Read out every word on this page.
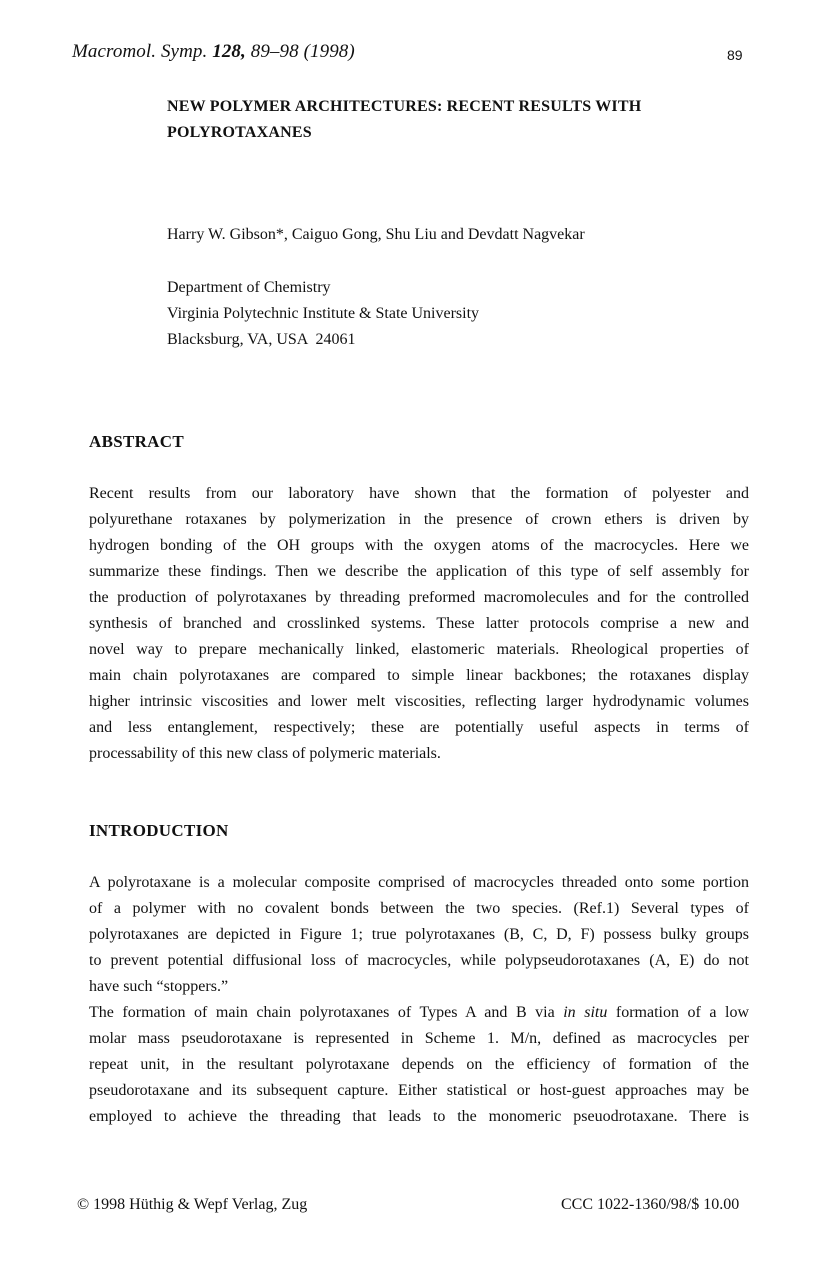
Macromol. Symp. 128, 89–98 (1998)	89
NEW POLYMER ARCHITECTURES: RECENT RESULTS WITH
POLYROTAXANES
Harry W. Gibson*, Caiguo Gong, Shu Liu and Devdatt Nagvekar
Department of Chemistry
Virginia Polytechnic Institute & State University
Blacksburg, VA, USA  24061
ABSTRACT
Recent results from our laboratory have shown that the formation of polyester and
polyurethane rotaxanes by polymerization in the presence of crown ethers is driven by
hydrogen bonding of the OH groups with the oxygen atoms of the macrocycles. Here we
summarize these findings. Then we describe the application of this type of self assembly for
the production of polyrotaxanes by threading preformed macromolecules and for the controlled
synthesis of branched and crosslinked systems. These latter protocols comprise a new and
novel way to prepare mechanically linked, elastomeric materials. Rheological properties of
main chain polyrotaxanes are compared to simple linear backbones; the rotaxanes display
higher intrinsic viscosities and lower melt viscosities, reflecting larger hydrodynamic volumes
and less entanglement, respectively; these are potentially useful aspects in terms of
processability of this new class of polymeric materials.
INTRODUCTION
A polyrotaxane is a molecular composite comprised of macrocycles threaded onto some portion
of a polymer with no covalent bonds between the two species. (Ref.1) Several types of
polyrotaxanes are depicted in Figure 1; true polyrotaxanes (B, C, D, F) possess bulky groups
to prevent potential diffusional loss of macrocycles, while polypseudorotaxanes (A, E) do not
have such “stoppers.”
The formation of main chain polyrotaxanes of Types A and B via in situ formation of a low
molar mass pseudorotaxane is represented in Scheme 1. M/n, defined as macrocycles per
repeat unit, in the resultant polyrotaxane depends on the efficiency of formation of the
pseudorotaxane and its subsequent capture. Either statistical or host-guest approaches may be
employed to achieve the threading that leads to the monomeric pseuodrotaxane. There is
© 1998 Hüthig & Wepf Verlag, Zug	CCC 1022-1360/98/$ 10.00
